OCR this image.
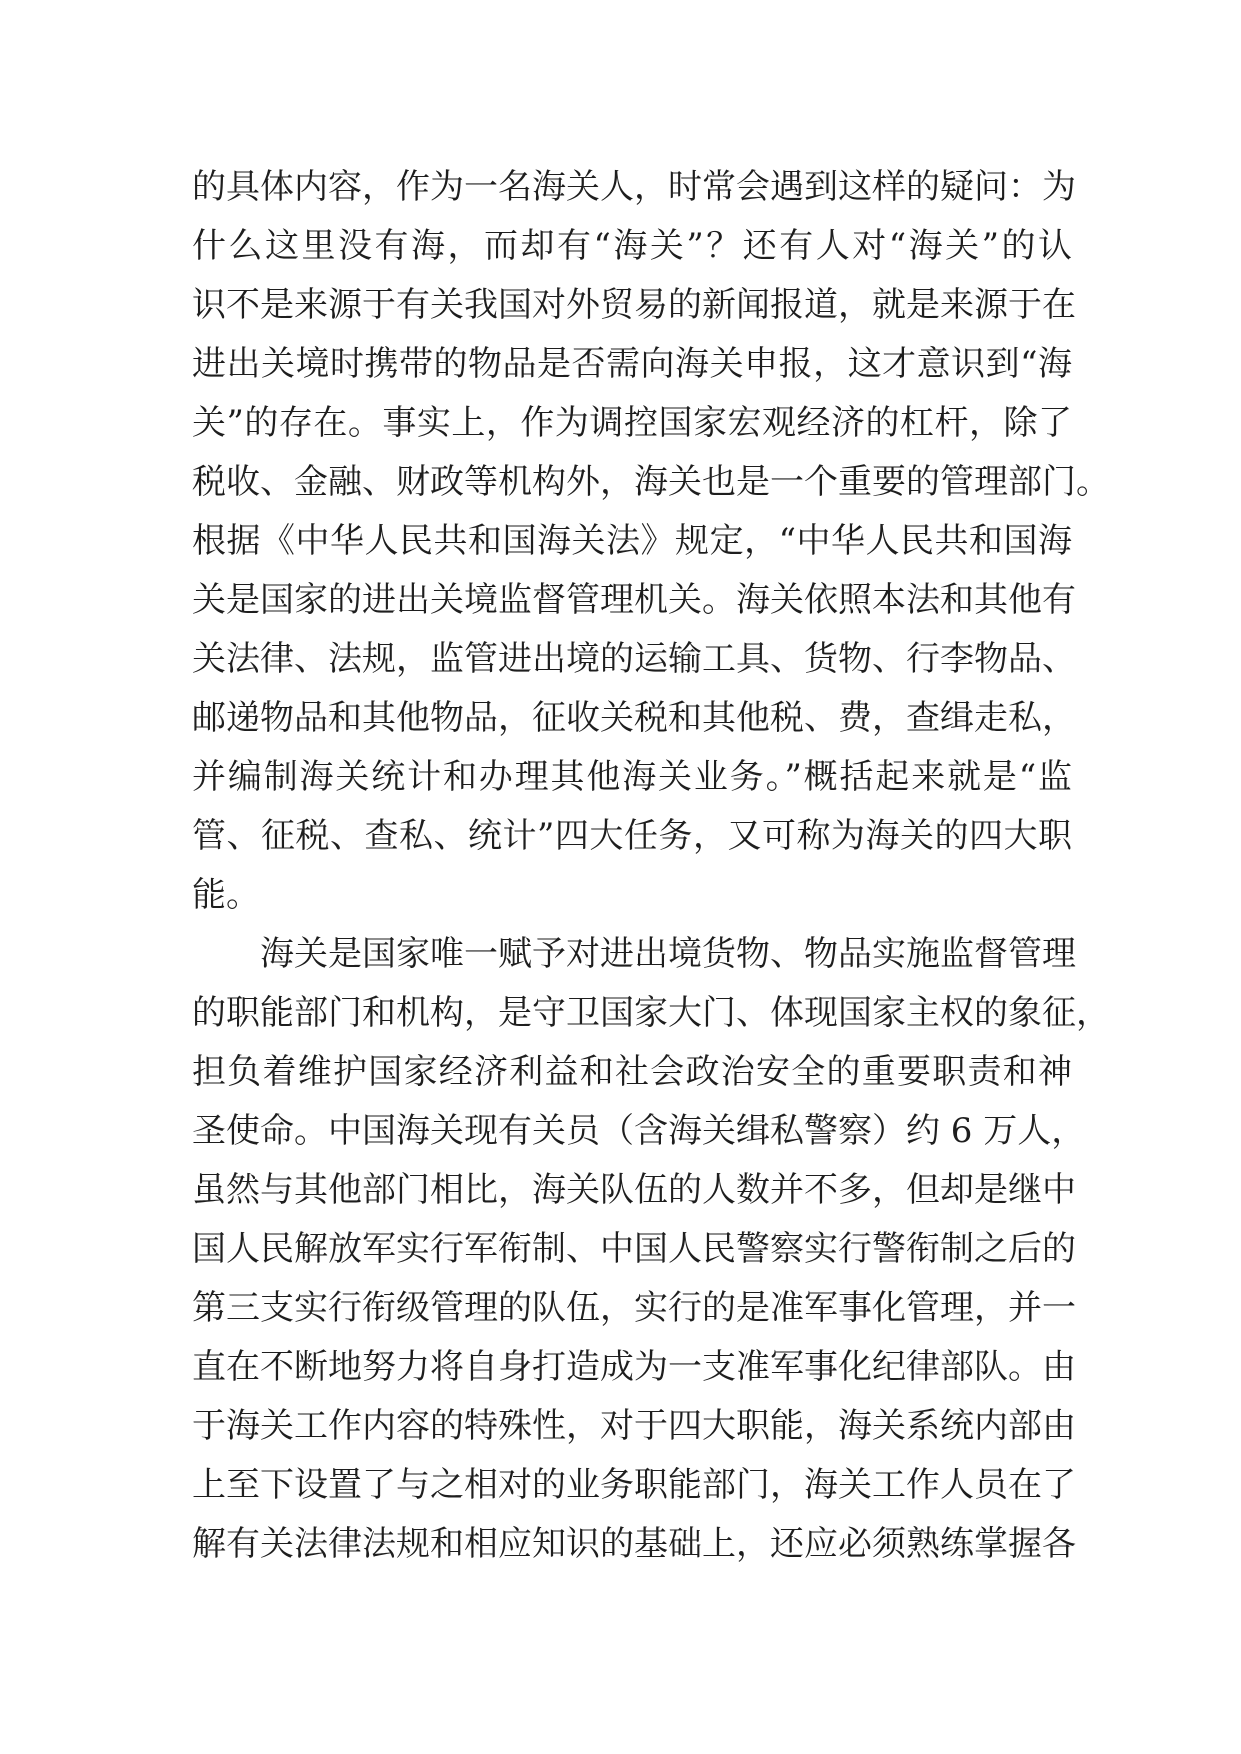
的具体内容，作为一名海关人，时常会遇到这样的疑问：为
什么这里没有海，而却有“海关”？还有人对“海关”的认
识不是来源于有关我国对外贸易的新闻报道，就是来源于在
进出关境时携带的物品是否需向海关申报，这才意识到“海
关”的存在。事实上，作为调控国家宏观经济的杠杆，除了
税收、金融、财政等机构外，海关也是一个重要的管理部门。
根据《中华人民共和国海关法》规定，“中华人民共和国海
关是国家的进出关境监督管理机关。海关依照本法和其他有
关法律、法规，监管进出境的运输工具、货物、行李物品、
邮递物品和其他物品，征收关税和其他税、费，查缉走私，
并编制海关统计和办理其他海关业务。”概括起来就是“监
管、征税、查私、统计”四大任务，又可称为海关的四大职
能。
海关是国家唯一赋予对进出境货物、物品实施监督管理
的职能部门和机构，是守卫国家大门、体现国家主权的象征，
担负着维护国家经济利益和社会政治安全的重要职责和神
圣使命。中国海关现有关员（含海关缉私警察）约 6 万人，
虽然与其他部门相比，海关队伍的人数并不多，但却是继中
国人民解放军实行军衔制、中国人民警察实行警衔制之后的
第三支实行衔级管理的队伍，实行的是准军事化管理，并一
直在不断地努力将自身打造成为一支准军事化纪律部队。由
于海关工作内容的特殊性，对于四大职能，海关系统内部由
上至下设置了与之相对的业务职能部门，海关工作人员在了
解有关法律法规和相应知识的基础上，还应必须熟练掌握各
